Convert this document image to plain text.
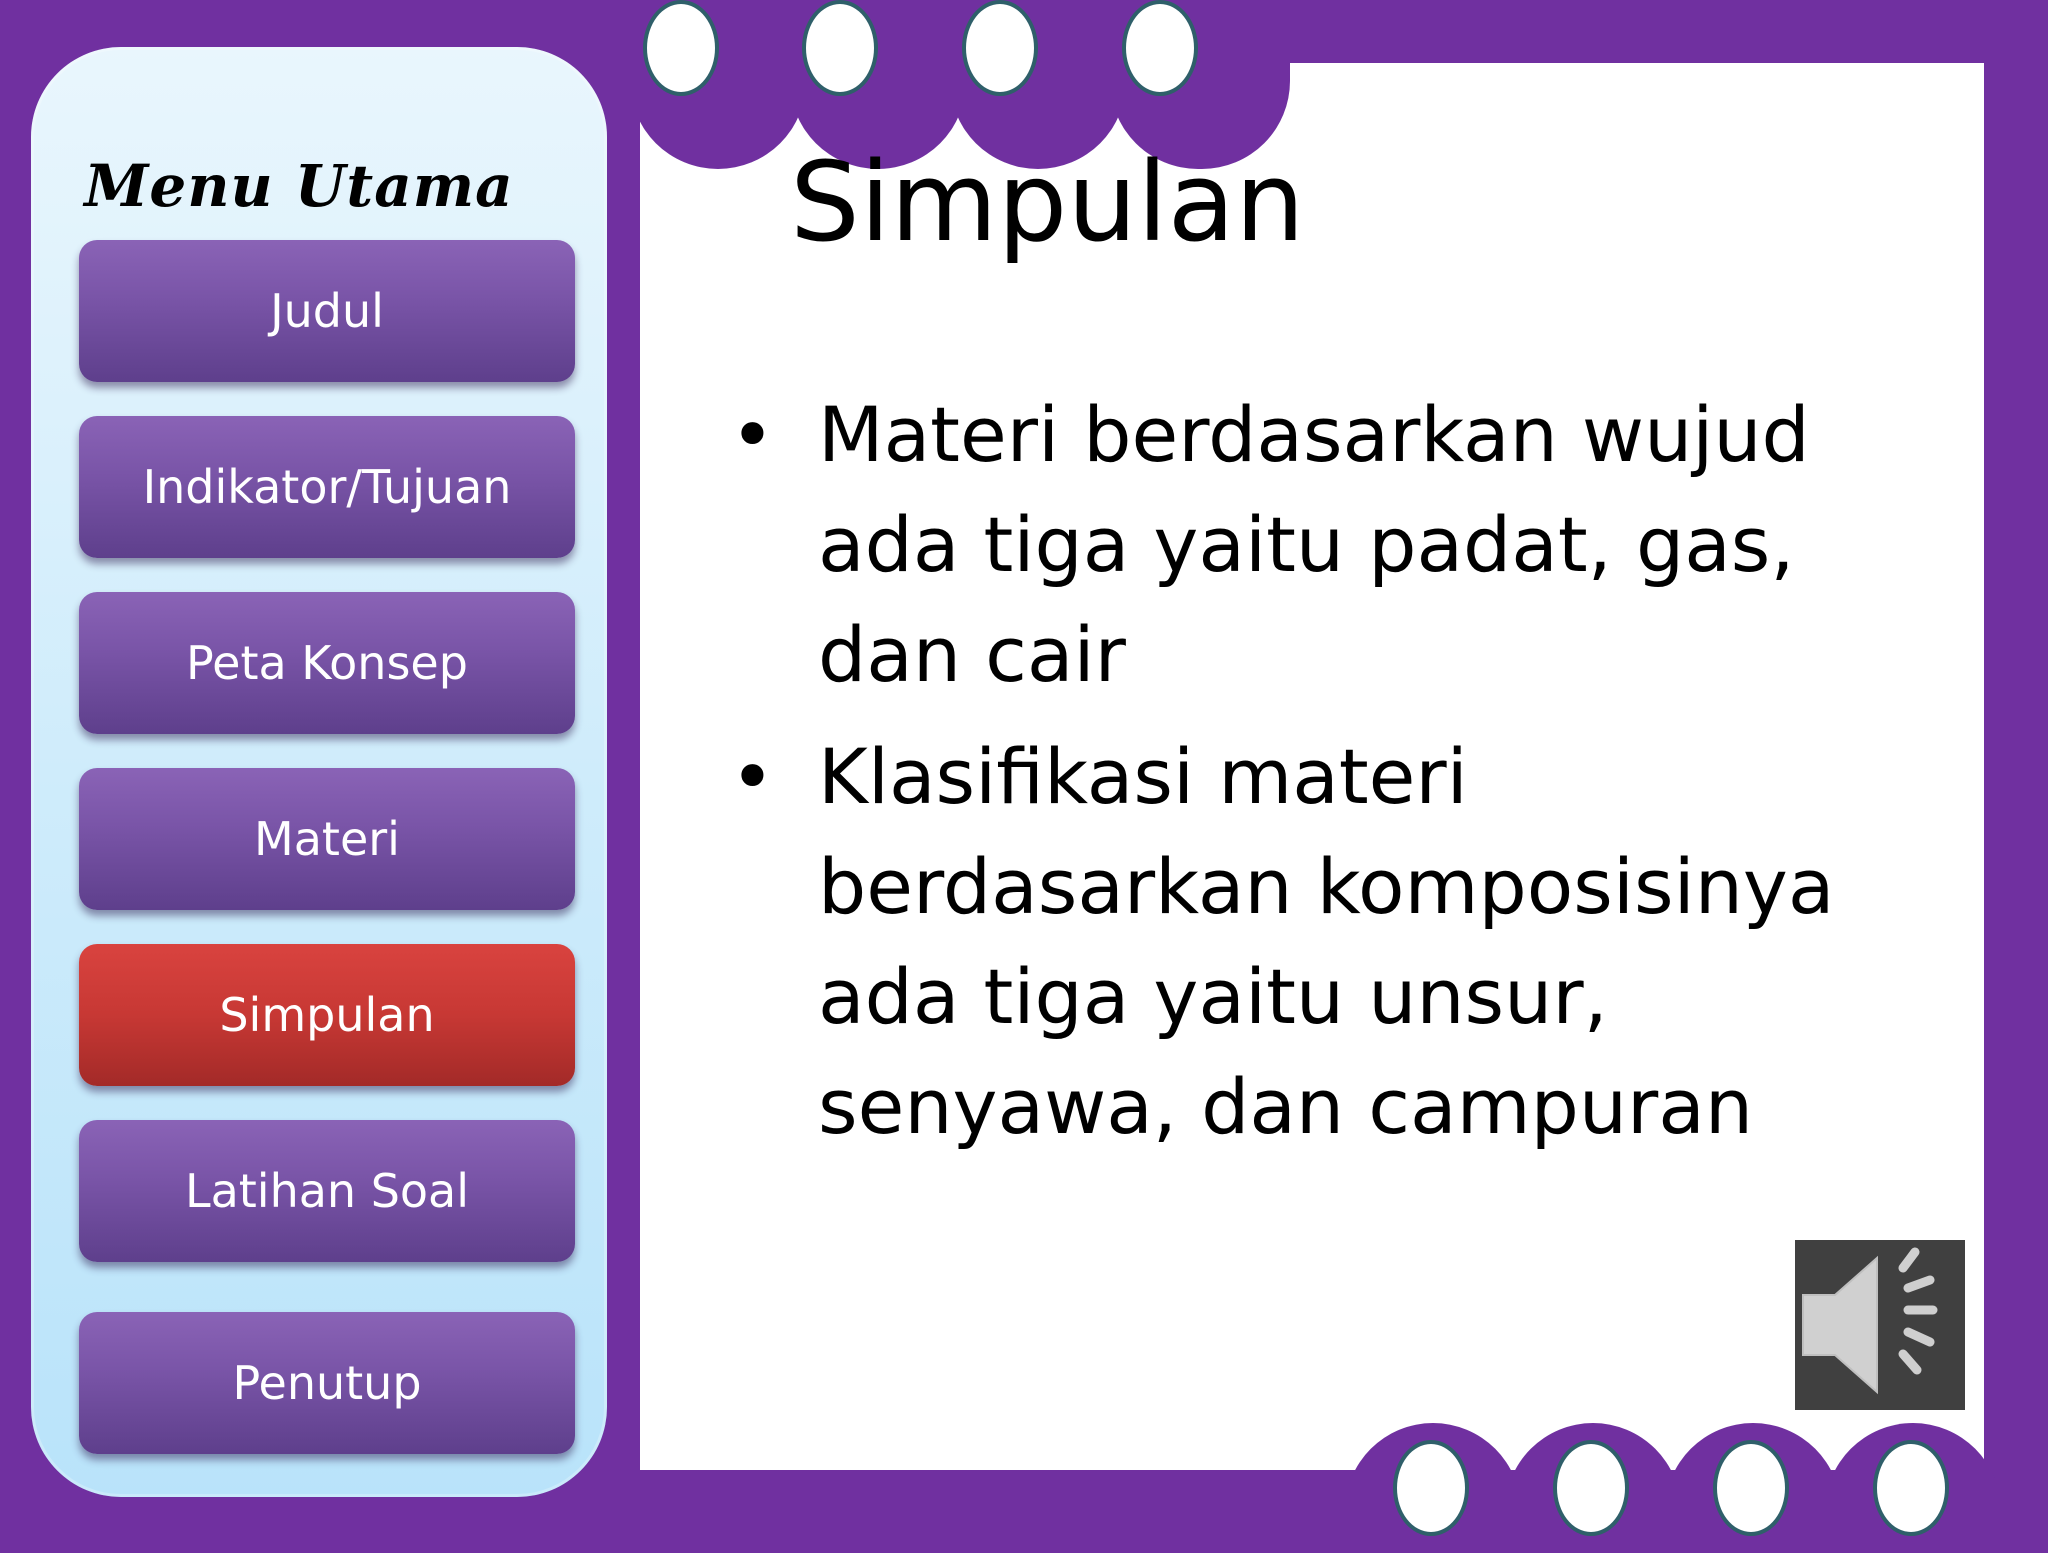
Menu Utama
Judul
Indikator/Tujuan
Peta Konsep
Materi
Simpulan
Latihan Soal
Penutup
Simpulan
• Materi berdasarkan wujud ada tiga yaitu padat, gas, dan cair
• Klasifikasi materi berdasarkan komposisinya ada tiga yaitu unsur, senyawa, dan campuran
